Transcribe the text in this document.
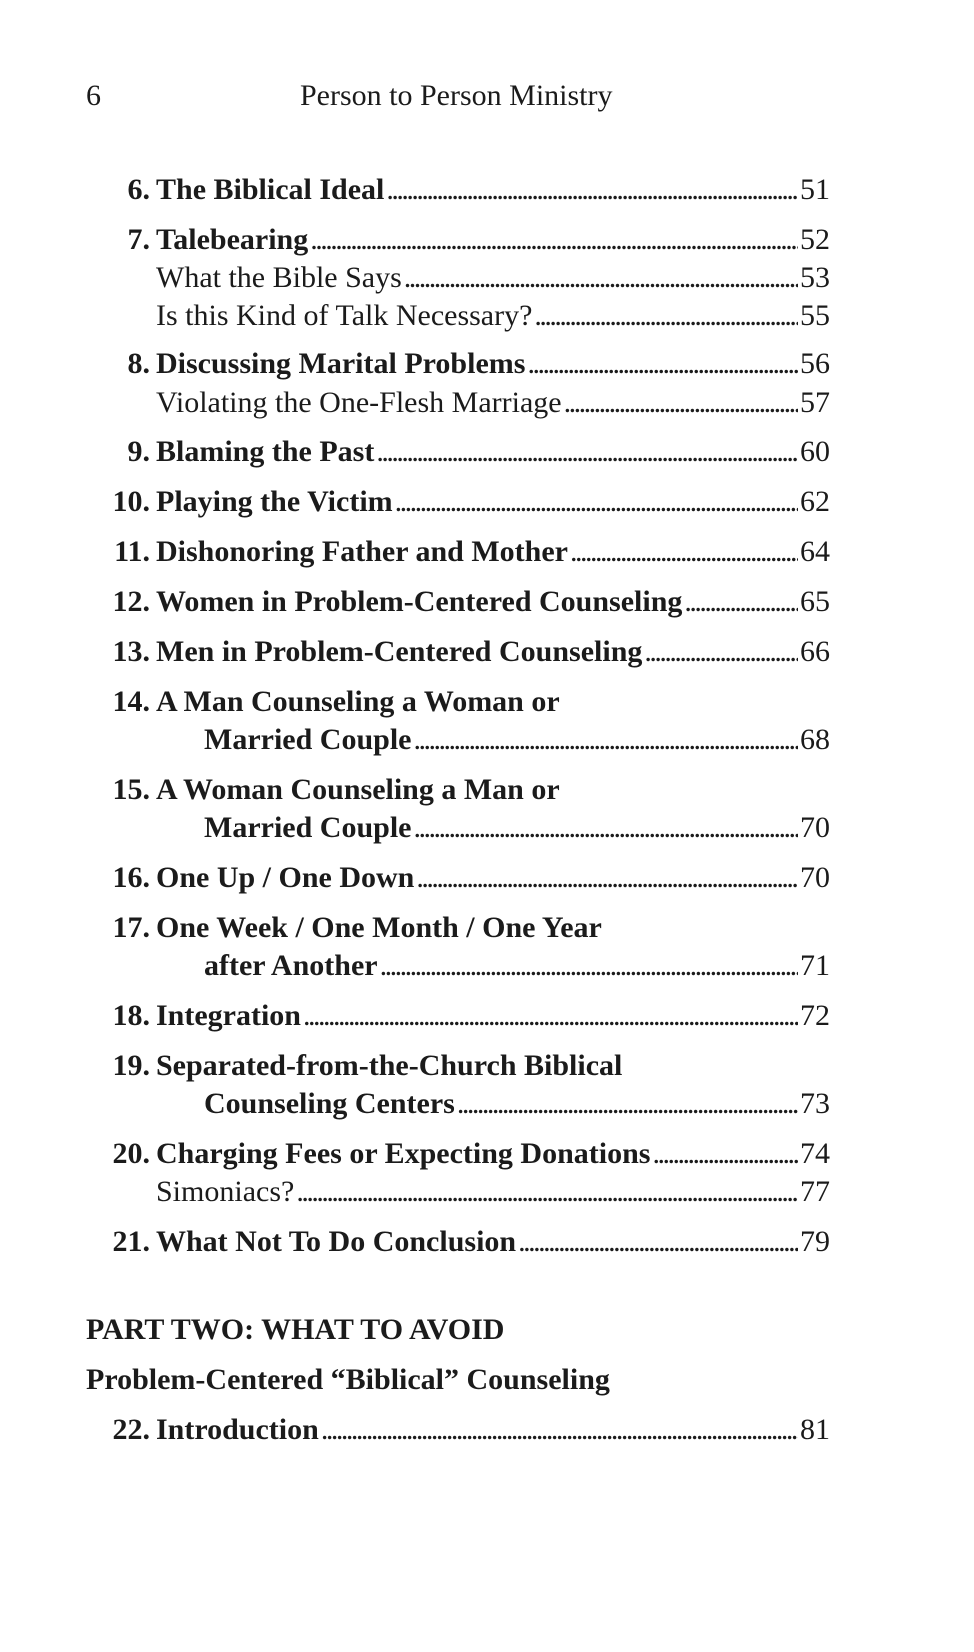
6	Person to Person Ministry
6. The Biblical Ideal . . .	51
7. Talebearing . . .	52
What the Bible Says . . .	53
Is this Kind of Talk Necessary? . . .	55
8. Discussing Marital Problems . . .	56
Violating the One-Flesh Marriage . . .	57
9. Blaming the Past . . .	60
10. Playing the Victim . . .	62
11. Dishonoring Father and Mother . . .	64
12. Women in Problem-Centered Counseling . . .	65
13. Men in Problem-Centered Counseling . . .	66
14. A Man Counseling a Woman or
Married Couple . . .	68
15. A Woman Counseling a Man or
Married Couple . . .	70
16. One Up / One Down . . .	70
17. One Week / One Month / One Year
after Another . . .	71
18. Integration . . .	72
19. Separated-from-the-Church Biblical
Counseling Centers . . .	73
20. Charging Fees or Expecting Donations . . .	74
Simoniacs? . . .	77
21. What Not To Do Conclusion . . .	79
PART TWO: WHAT TO AVOID
Problem-Centered “Biblical” Counseling
22. Introduction . . .	81
